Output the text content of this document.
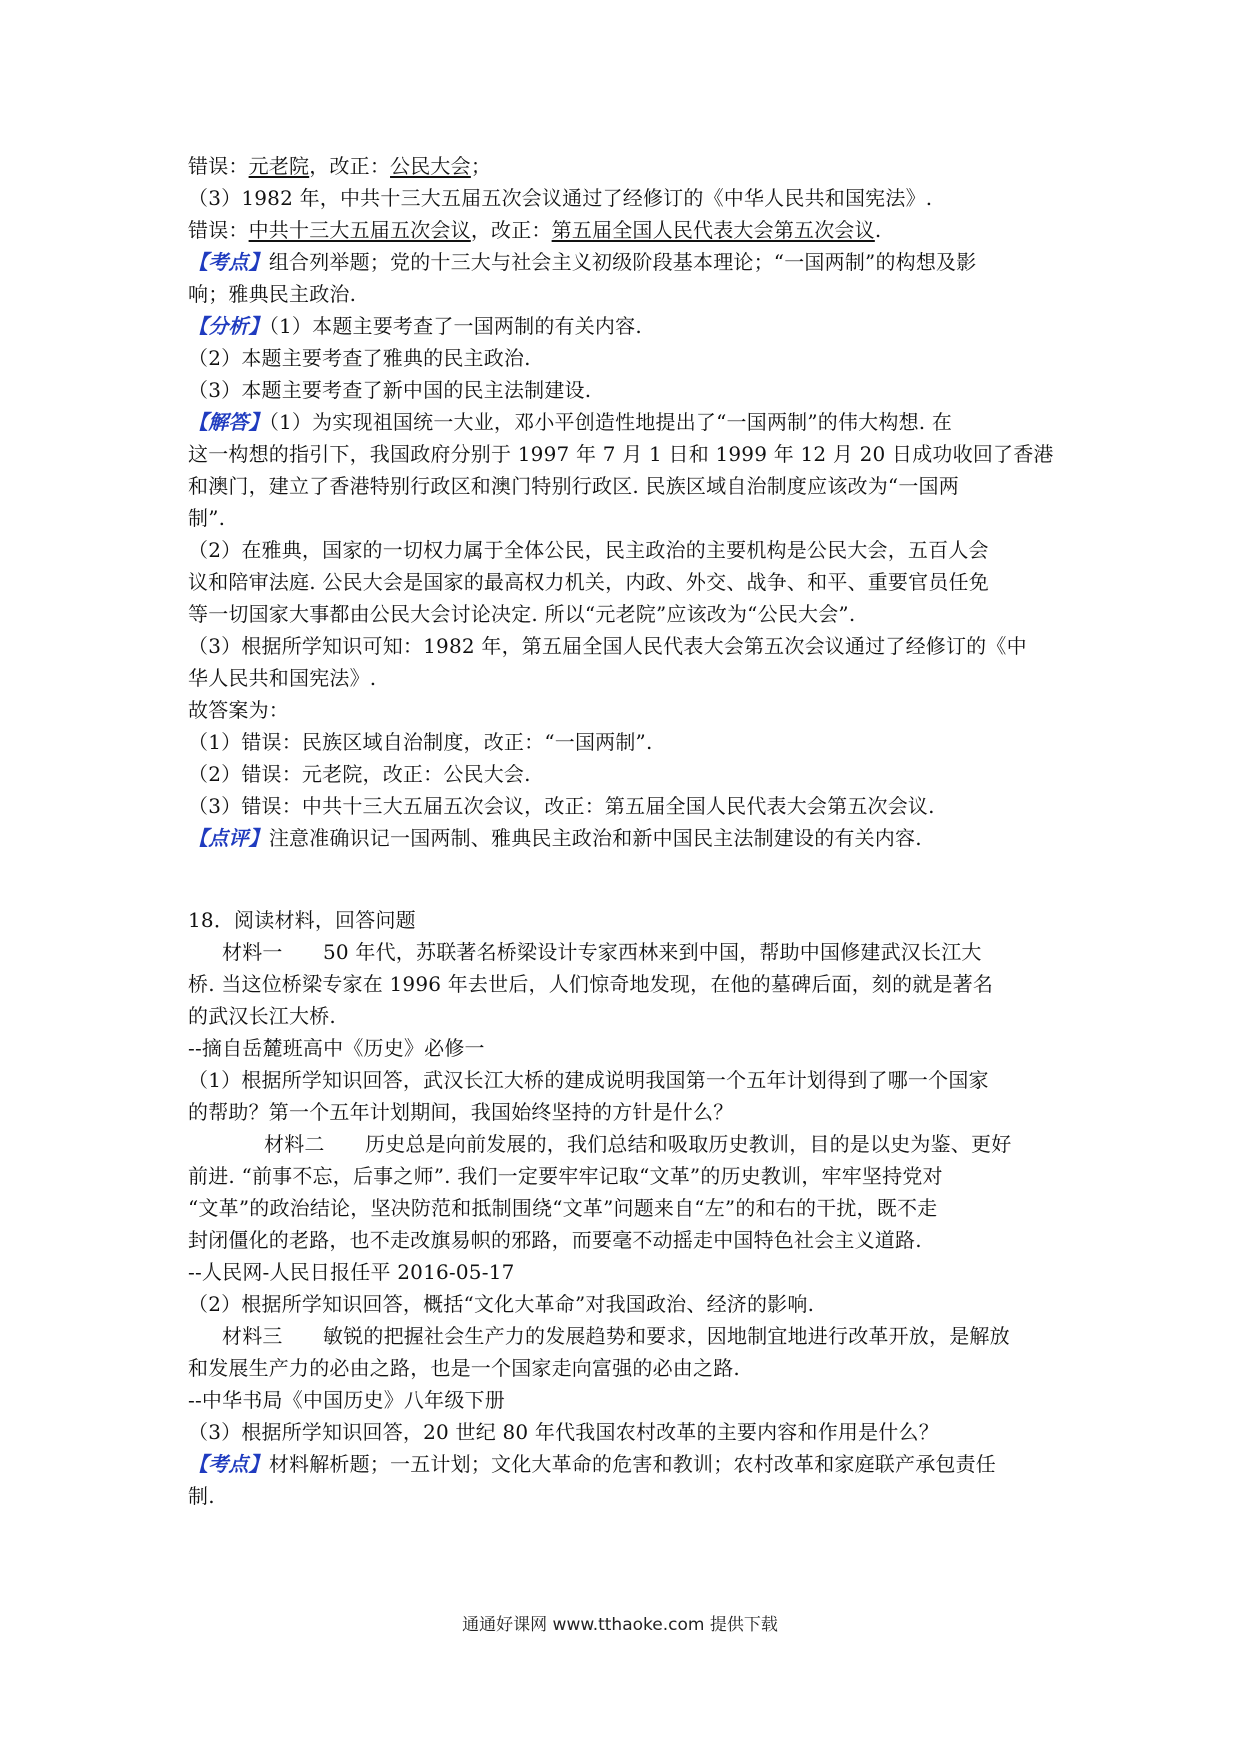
错误：元老院，改正：公民大会；
（3）1982 年，中共十三大五届五次会议通过了经修订的《中华人民共和国宪法》.
错误：中共十三大五届五次会议，改正：第五届全国人民代表大会第五次会议.
【考点】组合列举题；党的十三大与社会主义初级阶段基本理论；“一国两制”的构想及影
响；雅典民主政治.
【分析】（1）本题主要考查了一国两制的有关内容.
（2）本题主要考查了雅典的民主政治.
（3）本题主要考查了新中国的民主法制建设.
【解答】（1）为实现祖国统一大业，邓小平创造性地提出了“一国两制”的伟大构想. 在
这一构想的指引下，我国政府分别于 1997 年 7 月 1 日和 1999 年 12 月 20 日成功收回了香港
和澳门，建立了香港特别行政区和澳门特别行政区. 民族区域自治制度应该改为“一国两
制”.
（2）在雅典，国家的一切权力属于全体公民，民主政治的主要机构是公民大会，五百人会
议和陪审法庭. 公民大会是国家的最高权力机关，内政、外交、战争、和平、重要官员任免
等一切国家大事都由公民大会讨论决定. 所以“元老院”应该改为“公民大会”.
（3）根据所学知识可知：1982 年，第五届全国人民代表大会第五次会议通过了经修订的《中
华人民共和国宪法》.
故答案为：
（1）错误：民族区域自治制度，改正：“一国两制”.
（2）错误：元老院，改正：公民大会.
（3）错误：中共十三大五届五次会议，改正：第五届全国人民代表大会第五次会议.
【点评】注意准确识记一国两制、雅典民主政治和新中国民主法制建设的有关内容.
18．阅读材料，回答问题
材料一　　50 年代，苏联著名桥梁设计专家西林来到中国，帮助中国修建武汉长江大
桥. 当这位桥梁专家在 1996 年去世后，人们惊奇地发现，在他的墓碑后面，刻的就是著名
的武汉长江大桥.
--摘自岳麓班高中《历史》必修一
（1）根据所学知识回答，武汉长江大桥的建成说明我国第一个五年计划得到了哪一个国家
的帮助？第一个五年计划期间，我国始终坚持的方针是什么？
材料二　　历史总是向前发展的，我们总结和吸取历史教训，目的是以史为鉴、更好
前进. “前事不忘，后事之师”. 我们一定要牢牢记取“文革”的历史教训，牢牢坚持党对
“文革”的政治结论，坚决防范和抵制围绕“文革”问题来自“左”的和右的干扰，既不走
封闭僵化的老路，也不走改旗易帜的邪路，而要毫不动摇走中国特色社会主义道路.
--人民网-人民日报任平 2016-05-17
（2）根据所学知识回答，概括“文化大革命”对我国政治、经济的影响.
材料三　　敏锐的把握社会生产力的发展趋势和要求，因地制宜地进行改革开放，是解放
和发展生产力的必由之路，也是一个国家走向富强的必由之路.
--中华书局《中国历史》八年级下册
（3）根据所学知识回答，20 世纪 80 年代我国农村改革的主要内容和作用是什么？
【考点】材料解析题；一五计划；文化大革命的危害和教训；农村改革和家庭联产承包责任
制.
通通好课网 www.tthaoke.com 提供下载
